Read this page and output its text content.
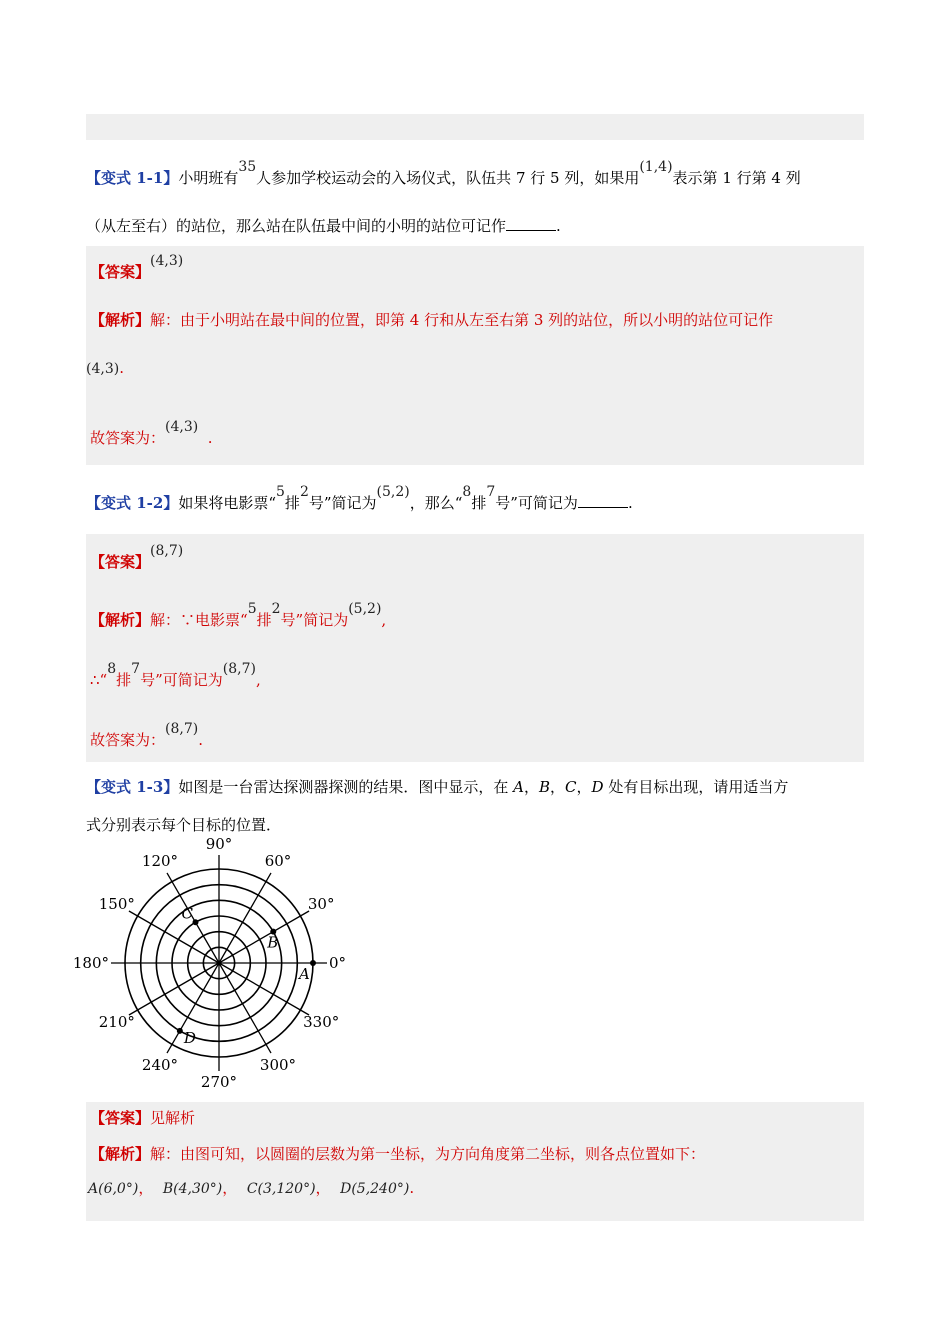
【变式 1-1】小明班有35人参加学校运动会的入场仪式，队伍共 7 行 5 列，如果用(1,4)表示第 1 行第 4 列
（从左至右）的站位，那么站在队伍最中间的小明的站位可记作	.
【答案】(4,3)
【解析】解：由于小明站在最中间的位置，即第 4 行和从左至右第 3 列的站位，所以小明的站位可记作
(4,3).
故答案为：(4,3)  .
【变式 1-2】如果将电影票“5排2号”简记为(5,2)，那么“8排7号”可简记为	.
【答案】(8,7)
【解析】解：∵电影票“5排2号”简记为(5,2),
∴“8排7号”可简记为(8,7),
故答案为：(8,7).
【变式 1-3】如图是一台雷达探测器探测的结果．图中显示，在 A，B，C，D 处有目标出现，请用适当方
式分别表示每个目标的位置．
0°
30°
60°
90°
120°
150°
180°
210°
240°
270°
300°
330°
A
B
C
D
【答案】见解析
【解析】解：由图可知，以圆圈的层数为第一坐标，为方向角度第二坐标，则各点位置如下：
A(6,0°)， B(4,30°)， C(3,120°)， D(5,240°).
